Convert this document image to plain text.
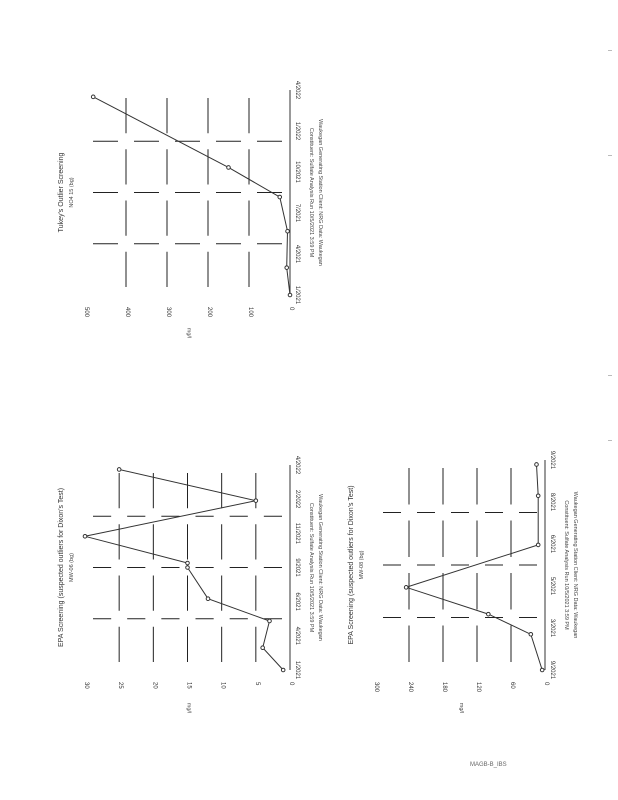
0
100
200
300
400
500
mg/l
1/2021
4/2021
7/2021
10/2021
1/2022
4/2022
Tukey's Outlier Screening NO4 15 (bg)	Constituent: Sulfate Analysis Run 10/5/2021 3:59 PM Waukegan Generating Station Client: NRG Data: Waukegan
0
5
10
15
20
25
30
mg/l
1/2021
4/2021
6/2021
9/2021
11/2021
2/2022
4/2022
EPA Screening (suspected outliers for Dixon's Test) MW-06 (bg)	Constituent: Sulfate Analysis Run 10/5/2021 3:59 PM Waukegan Generating Station Client: NRG Data: Waukegan
0
60
120
180
240
300
mg/l
9/2021
3/2021
5/2021
6/2021
8/2021
9/2021
EPA Screening (suspected outliers for Dixon's Test) MW-08 (bg)	Constituent: Sulfate Analysis Run 10/5/2021 3:59 PM Waukegan Generating Station Client: NRG Data: Waukegan
MAGB-B_IBS
